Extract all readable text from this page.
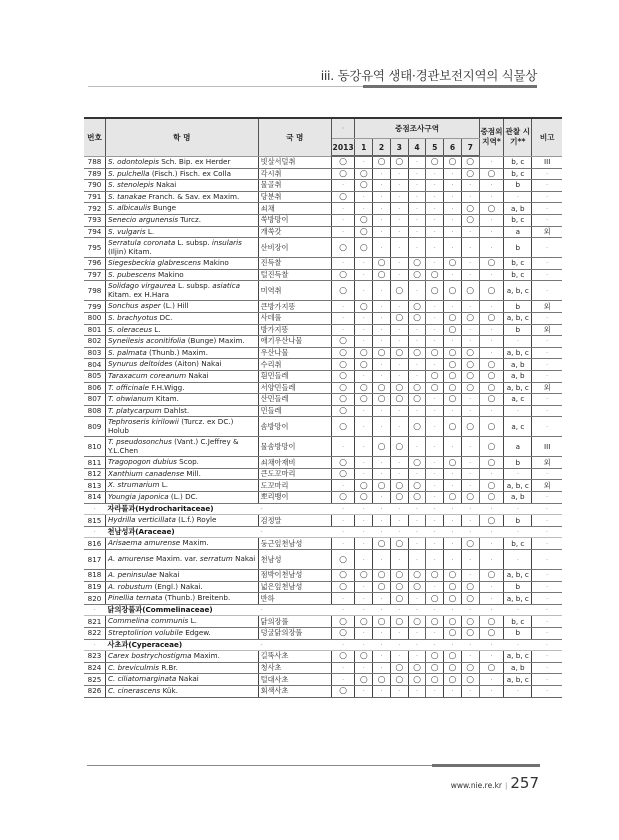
iii. 동강유역 생태·경관보전지역의 식물상
번호	학 명	국 명	·	중점조사구역							중점외 지역*	관찰 시기**	비고
			2013	1	2	3	4	5	6	7			
788	S. odontolepis Sch. Bip. ex Herder	빗살서덜취	○	·	○	○	·	○	○	○	·	b, c	III
789	S. pulchella (Fisch.) Fisch. ex Colla	각시취	○	○	·	·	·	·	·	○	○	b, c	·
790	S. stenolepis Nakai	물골취	·	○	·	·	·	·	·	·	·	b	·
791	S. tanakae Franch. & Sav. ex Maxim.	당분취	○	·	·	·	·	·	·	·	·	·	·
792	S. albicaulis Bunge	쇠채	·	·	·	·	·	·	·	○	○	a, b	·
793	Senecio argunensis Turcz.	쑥방망이	·	○	·	·	·	·	·	○	·	b, c	·
794	S. vulgaris L.	개쑥갓	·	○	·	·	·	·	·	·	·	a	외
795	Serratula coronata L. subsp. insularis (Iljin) Kitam.	산비장이	○	○	·	·	·	·	·	·	·	b	·
796	Siegesbeckia glabrescens Makino	진득찰	·	·	○	·	○	·	○	·	○	b, c	·
797	S. pubescens Makino	털진득찰	○	·	○	·	○	○	·	·	·	b, c	·
798	Solidago virgaurea L. subsp. asiatica Kitam. ex H.Hara	미역취	○	·	·	○	·	○	○	○	○	a, b, c	·
799	Sonchus asper (L.) Hill	큰방가지똥	·	○	·	·	○	·	·	·	·	b	외
800	S. brachyotus DC.	사데풀	·	·	·	○	○	·	○	○	○	a, b, c	·
801	S. oleraceus L.	방가지똥	·	·	·	·	·	·	○	·	·	b	외
802	Syneilesis aconitifolia (Bunge) Maxim.	애기우산나물	○	·	·	·	·	·	·	·	·	·	·
803	S. palmata (Thunb.) Maxim.	우산나물	○	○	○	○	○	○	○	○	·	a, b, c	·
804	Synurus deltoides (Aiton) Nakai	수리취	○	○	·	·	·	·	○	○	○	a, b	·
805	Taraxacum coreanum Nakai	흰민들레	○	·	·	·	·	○	○	○	○	a, b	·
806	T. officinale F.H.Wigg.	서양민들레	○	○	○	○	○	○	○	○	○	a, b, c	외
807	T. ohwianum Kitam.	산민들레	○	○	○	○	○	·	○	·	○	a, c	·
808	T. platycarpum Dahlst.	민들레	○	·	·	·	·	·	·	·	·	·	·
809	Tephroseris kirilowii (Turcz. ex DC.) Holub	솜방망이	○	·	·	·	○	·	○	○	○	a, c	·
810	T. pseudosonchus (Vant.) C.Jeffrey & Y.L.Chen	물솜방망이	·	·	○	○	·	·	·	·	○	a	III
811	Tragopogon dubius Scop.	쇠채아재비	○	·	·	·	○	·	○	·	○	b	외
812	Xanthium canadense Mill.	큰도꼬마리	○	·	·	·	·	·	·	·	·	·	·
813	X. strumarium L.	도꼬마리	·	○	○	○	○	·	·	·	○	a, b, c	외
814	Youngia japonica (L.) DC.	뽀리뱅이	○	○	·	○	○	·	○	○	○	a, b	·
·	자라풀과(Hydrocharitaceae)	·	·	·	·	·	·	·	·	·	·	·	·
815	Hydrilla verticillata (L.f.) Royle	검정말	·	·	·	·	·	·	·	·	○	b	·
·	천남성과(Araceae)	·	·	·	·	·	·	·	·	·	·	·	·
816	Arisaema amurense Maxim.	둥근잎천남성	·	·	○	○	·	·	·	○	·	b, c	·
817	A. amurense Maxim. var. serratum Nakai	천남성	○	·	·	·	·	·	·	·	·	·	·
818	A. peninsulae Nakai	점박이천남성	○	○	○	○	○	○	○	·	○	a, b, c	·
819	A. robustum (Engl.) Nakai.	넓은잎천남성	○	·	○	○	○	·	○	○	·	b	·
820	Pinellia ternata (Thunb.) Breitenb.	반하	·	·	·	○	·	○	○	○	·	a, b, c	·
·	닭의장풀과(Commelinaceae)	·	·	·	·	·	·	·	·	·	·	·	·
821	Commelina communis L.	닭의장풀	○	○	○	○	○	○	○	○	○	b, c	·
822	Streptolirion volubile Edgew.	덩굴닭의장풀	○	·	·	·	·	·	○	○	○	b	·
·	사초과(Cyperaceae)	·	·	·	·	·	·	·	·	·	·	·	·
823	Carex bostrychostigma Maxim.	길뚝사초	○	○	·	·	·	○	○	·	·	a, b, c	·
824	C. breviculmis R.Br.	청사초	·	·	·	○	○	○	○	○	○	a, b	·
825	C. ciliatomarginata Nakai	털대사초	·	○	○	○	○	○	○	○	·	a, b, c	·
826	C. cinerascens Kük.	회색사초	○	·	·	·	·	·	·	·	·	·	·
www.nie.re.kr | 257
